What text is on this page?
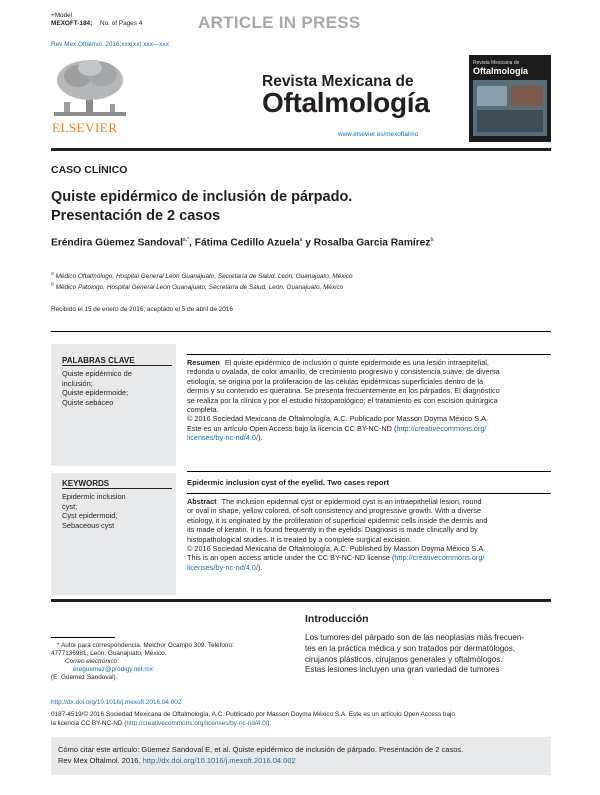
+Model
MEXOFT-184; No. of Pages 4	ARTICLE IN PRESS
Rev Mex Oftalmol. 2016;xxx(xx):xxx---xxx
ELSEVIER
Revista Mexicana de
Oftalmología
www.elsevier.es/mexoftalmo
Revista Mexicana de
Oftalmología
CASO CLÍNICO
Quiste epidérmico de inclusión de párpado.
Presentación de 2 casos
Eréndira Güemez Sandoval$^{a,*}$, Fátima Cedillo Azuela$^a$ y Rosalba Garcia Ramírez$^b$
$^a$ Médico Oftalmólogo, Hospital General León Guanajuato, Secretaría de Salud, León, Guanajuato, México
$^b$ Médico Patólogo, Hospital General León Guanajuato, Secretaría de Salud, León, Guanajuato, México
Recibido el 15 de enero de 2016; aceptado el 5 de abril de 2016
PALABRAS CLAVE
Quiste epidérmico de
inclusión;
Quiste epidermoide;
Quiste sebáceo
Resumen El quiste epidérmico de inclusión o quiste epidermoide es una lesión intraepitelial,
redonda u ovalada, de color amarillo, de crecimiento progresivo y consistencia suave; de diversa
etiología, se origina por la proliferación de las células epidérmicas superficiales dentro de la
dermis y su contenido es queratina. Se presenta frecuentemente en los párpados. El diagnóstico
se realiza por la clínica y por el estudio histopatológico; el tratamiento es con escisión quirúrgica
completa.
© 2016 Sociedad Mexicana de Oftalmología, A.C. Publicado por Masson Doyma México S.A.
Este es un artículo Open Access bajo la licencia CC BY-NC-ND (http://creativecommons.org/
licenses/by-nc-nd/4.0/).
KEYWORDS
Epidermic inclusion
cyst;
Cyst epidermoid;
Sebaceous cyst
Epidermic inclusion cyst of the eyelid. Two cases report
Abstract The inclusion epidermal cyst or epidermoid cyst is an intraepithelial lesion, round
or oval in shape, yellow colored, of soft consistency and progressive growth. With a diverse
etiology, it is originated by the proliferation of superficial epidermic cells inside the dermis and
its made of keratin. It is found frequently in the eyelids. Diagnosis is made clinically and by
histopathological studies. It is treated by a complete surgical excision.
© 2016 Sociedad Mexicana de Oftalmología, A.C. Published by Masson Doyma México S.A.
This is an open access article under the CC BY-NC-ND license (http://creativecommons.org/
licenses/by-nc-nd/4.0/).
Introducción
Los tumores del párpado son de las neoplasias más frecuen-
tes en la práctica médica y son tratados por dermatólogos,
cirujanos plásticos, cirujanos generales y oftalmólogos.
Estas lesiones incluyen una gran variedad de tumores
* Autor para correspondencia. Melchor Ocampo 309. Teléfono:
4777136981, León, Guanajuato, México.
Correo electrónico:
ereguemez@prodigy.net.mx
(E. Güemez Sandoval).
http://dx.doi.org/10.1016/j.mexoft.2016.04.002
0187-4519/© 2016 Sociedad Mexicana de Oftalmología, A.C. Publicado por Masson Doyma México S.A. Este es un artículo Open Access bajo
la licencia CC BY-NC-ND (http://creativecommons.org/licenses/by-nc-nd/4.0/).
Cómo citar este artículo: Güemez Sandoval E, et al. Quiste epidérmico de inclusión de párpado. Presentación de 2 casos.
Rev Mex Oftalmol. 2016. http://dx.doi.org/10.1016/j.mexoft.2016.04.002
